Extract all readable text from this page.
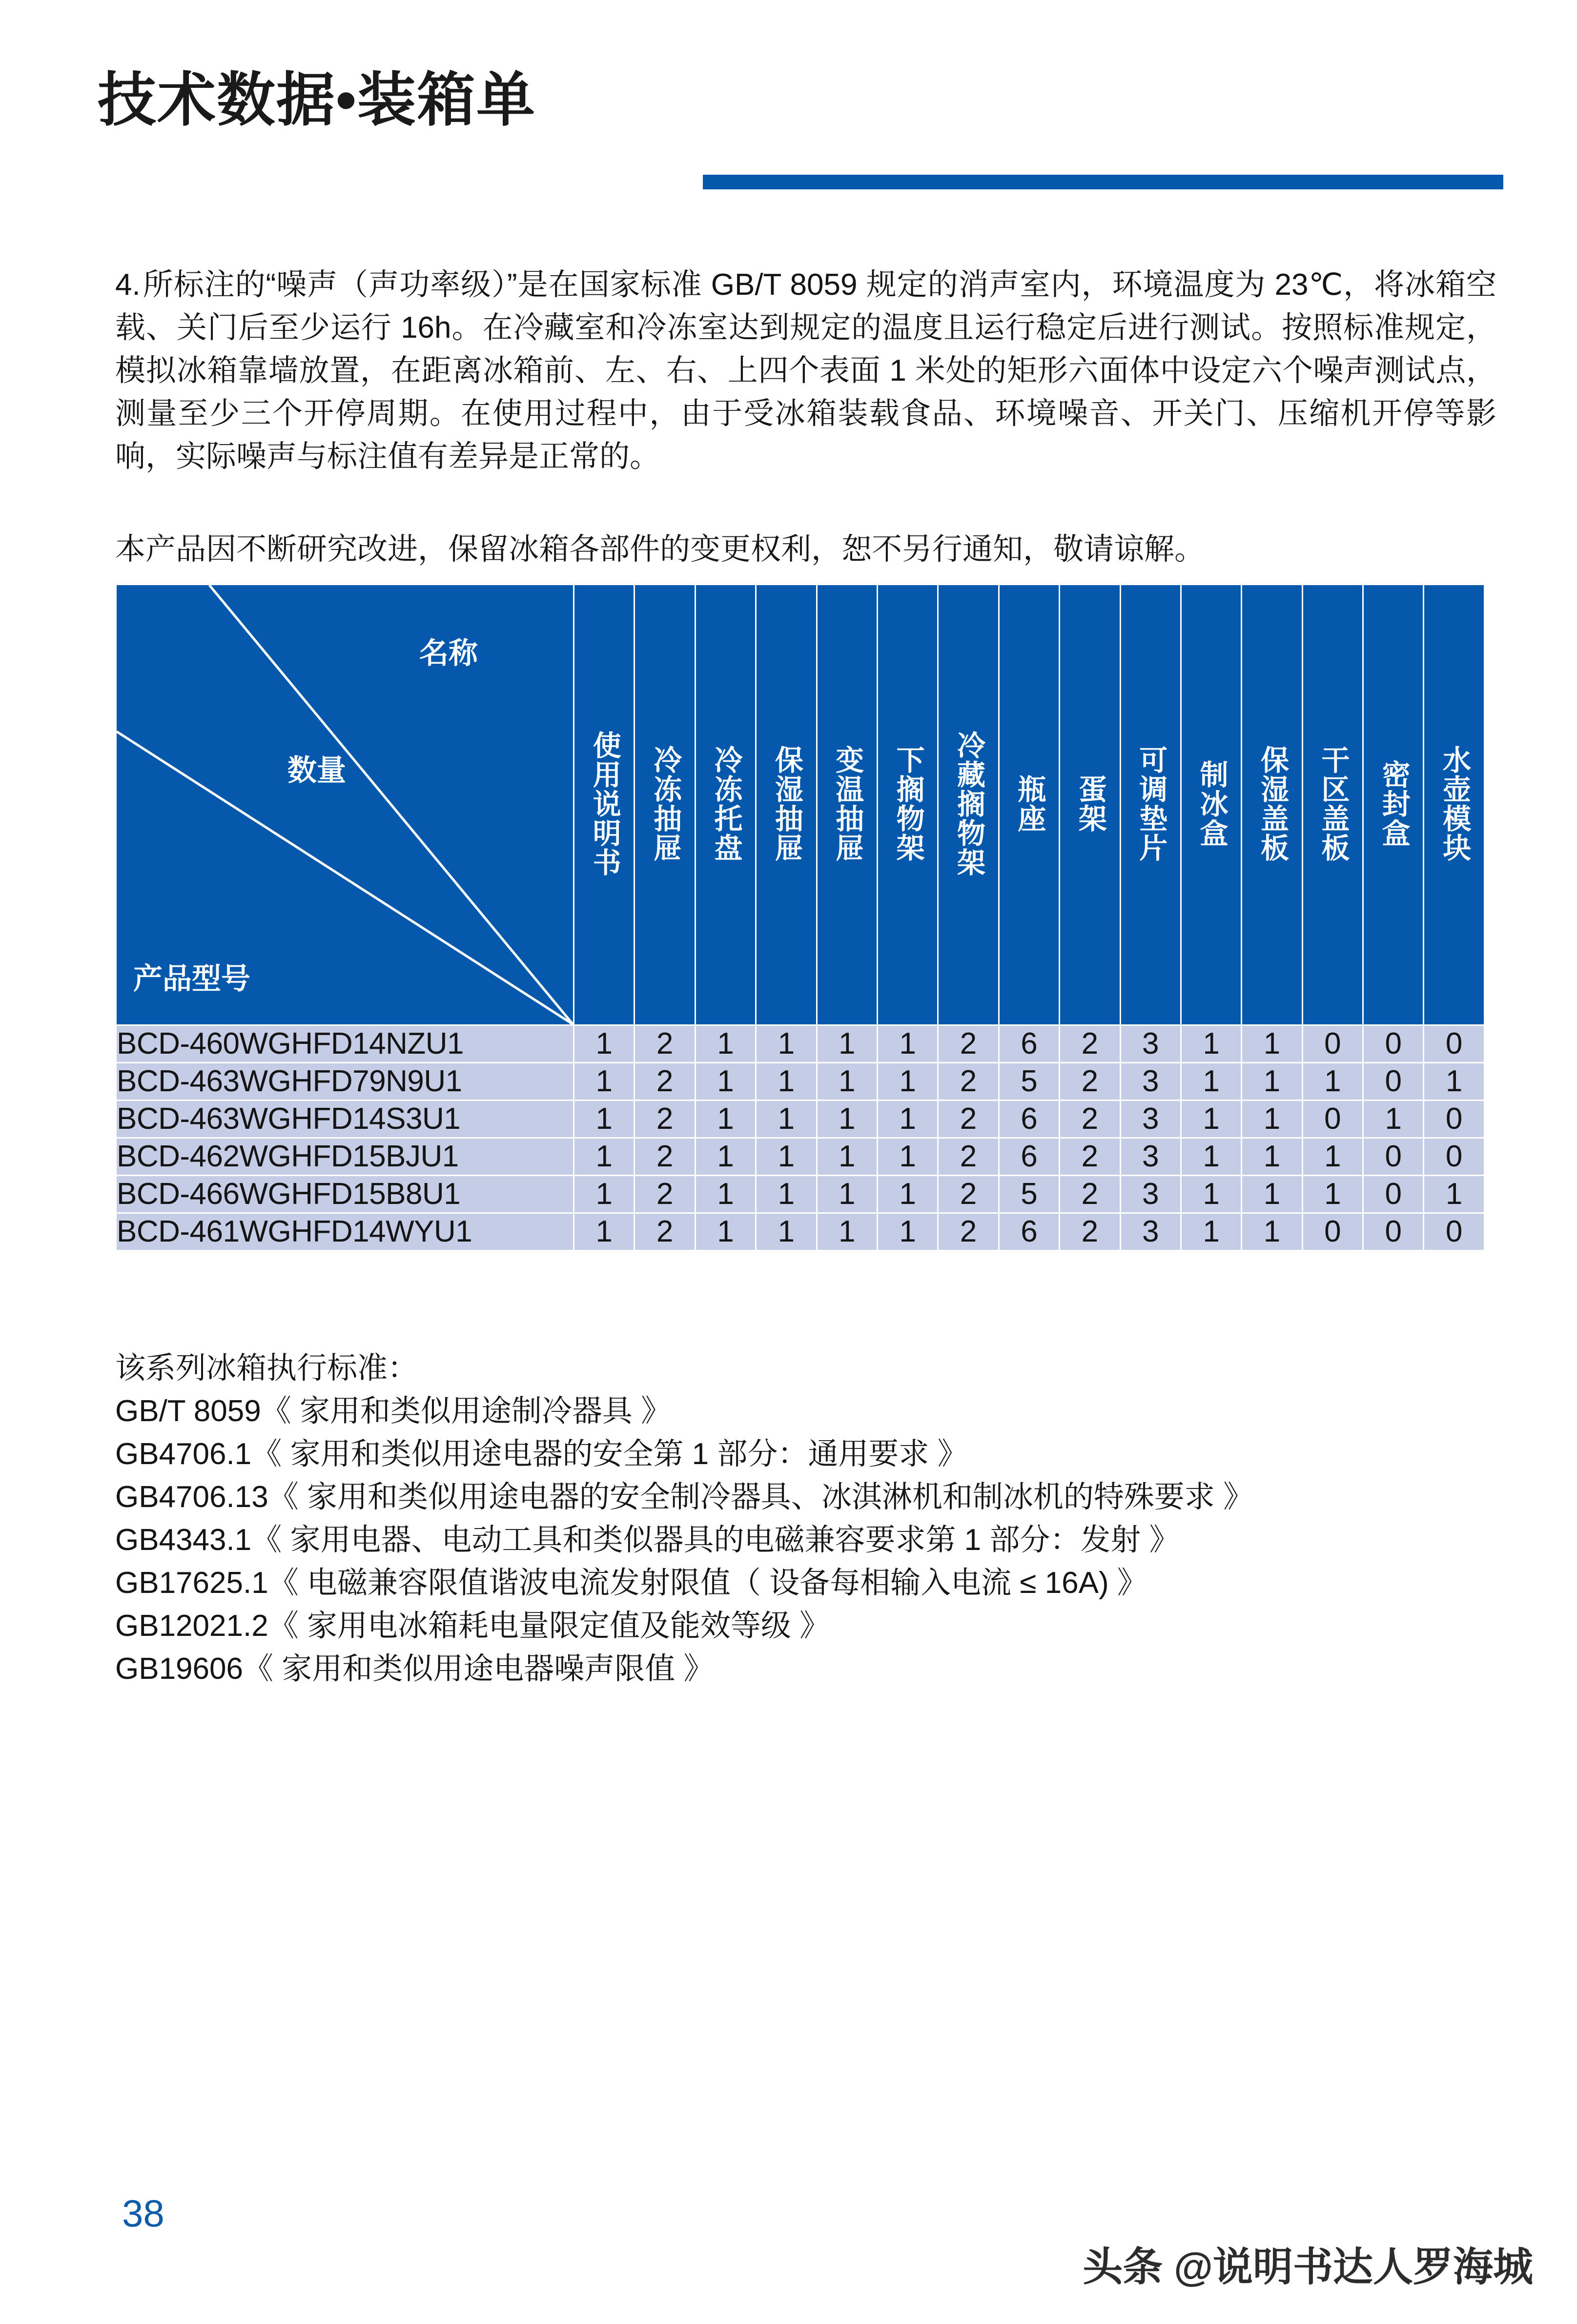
技术数据•装箱单
4.所标注的“噪声（声功率级）”是在国家标准 GB/T 8059 规定的消声室内，环境温度为 23℃，将冰箱空载、关门后至少运行 16h。在冷藏室和冷冻室达到规定的温度且运行稳定后进行测试。按照标准规定，模拟冰箱靠墙放置，在距离冰箱前、左、右、上四个表面 1 米处的矩形六面体中设定六个噪声测试点，测量至少三个开停周期。在使用过程中，由于受冰箱装载食品、环境噪音、开关门、压缩机开停等影响，实际噪声与标注值有差异是正常的。
本产品因不断研究改进，保留冰箱各部件的变更权利，恕不另行通知，敬请谅解。
名称
数量
产品型号	使用说明书	冷冻抽屉	冷冻托盘	保湿抽屉	变温抽屉	下搁物架	冷藏搁物架	瓶座	蛋架	可调垫片	制冰盒	保湿盖板	干区盖板	密封盒	水壶模块
BCD-460WGHFD14NZU1	1	2	1	1	1	1	2	6	2	3	1	1	0	0	0
BCD-463WGHFD79N9U1	1	2	1	1	1	1	2	5	2	3	1	1	1	0	1
BCD-463WGHFD14S3U1	1	2	1	1	1	1	2	6	2	3	1	1	0	1	0
BCD-462WGHFD15BJU1	1	2	1	1	1	1	2	6	2	3	1	1	1	0	0
BCD-466WGHFD15B8U1	1	2	1	1	1	1	2	5	2	3	1	1	1	0	1
BCD-461WGHFD14WYU1	1	2	1	1	1	1	2	6	2	3	1	1	0	0	0
该系列冰箱执行标准：
GB/T 8059《 家用和类似用途制冷器具 》
GB4706.1《 家用和类似用途电器的安全第 1 部分：通用要求 》
GB4706.13《 家用和类似用途电器的安全制冷器具、冰淇淋机和制冰机的特殊要求 》
GB4343.1《 家用电器、电动工具和类似器具的电磁兼容要求第 1 部分：发射 》
GB17625.1《 电磁兼容限值谐波电流发射限值（ 设备每相输入电流 ≤ 16A) 》
GB12021.2《 家用电冰箱耗电量限定值及能效等级 》
GB19606《 家用和类似用途电器噪声限值 》
38
头条 @说明书达人罗海城
